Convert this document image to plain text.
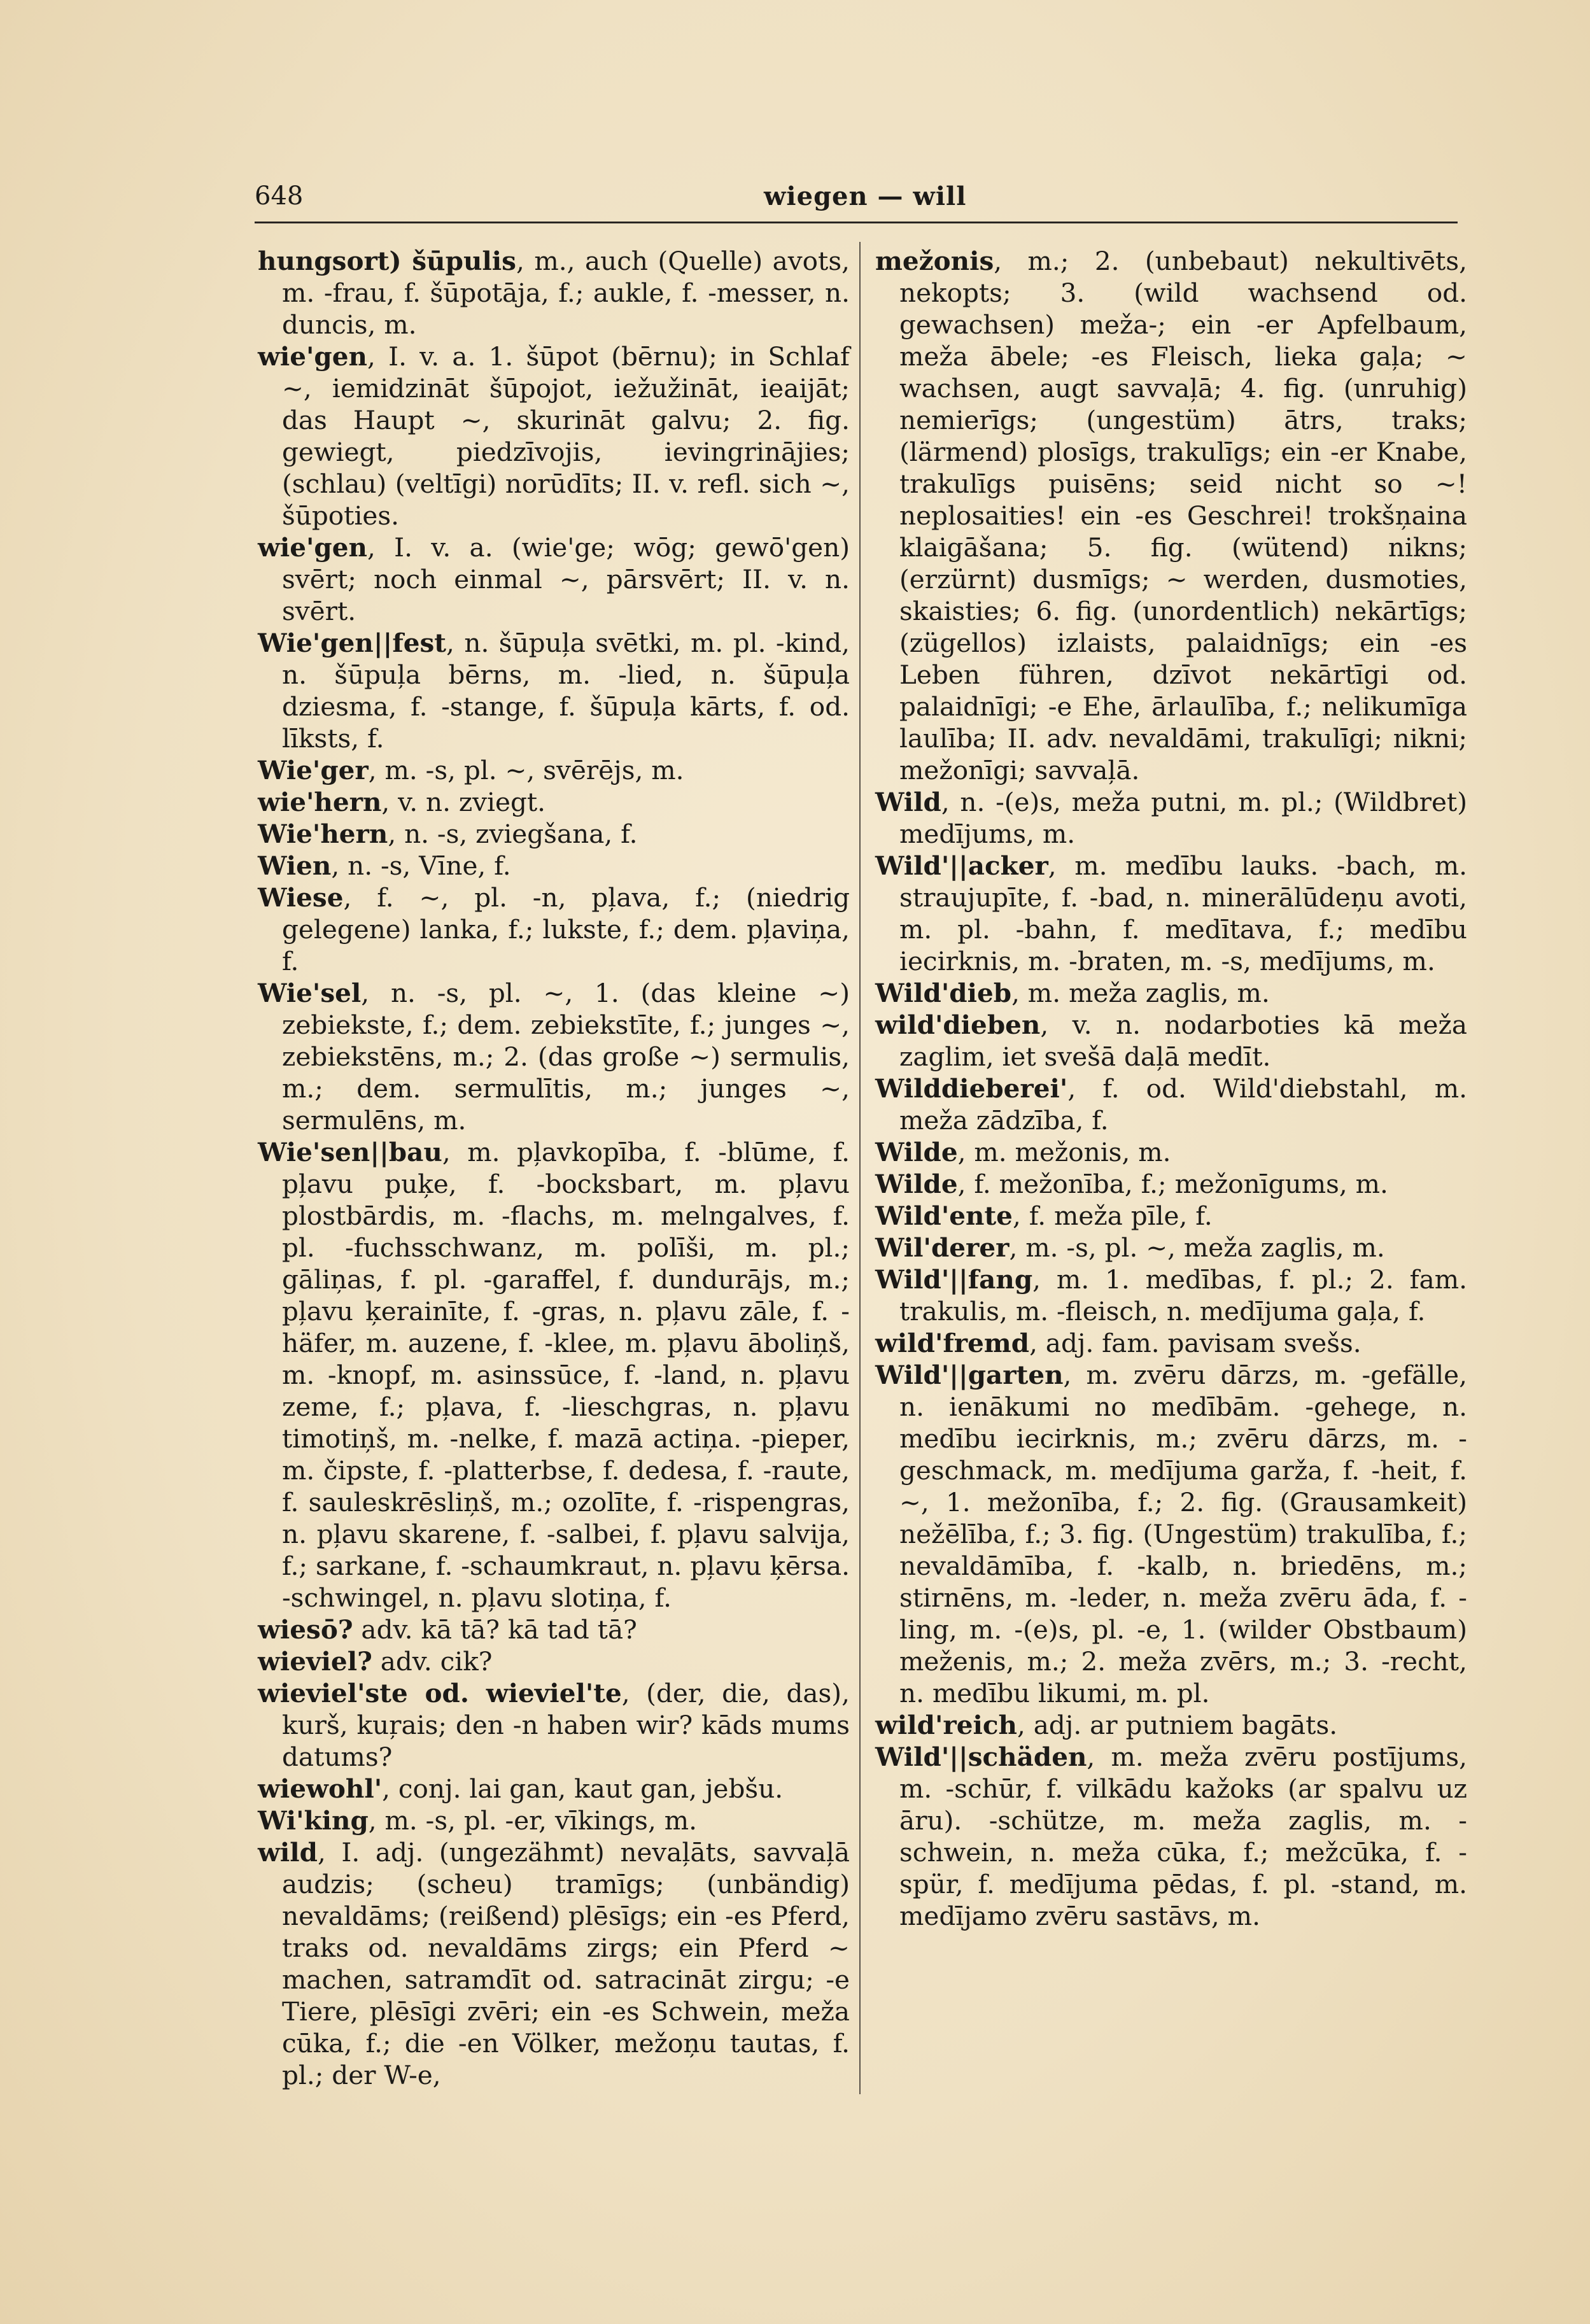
648	wiegen — will

hungsort) šūpulis, m., auch (Quelle) avots, m. -frau, f. šūpotāja, f.; aukle, f. -messer, n. duncis, m.

wie'gen, I. v. a. 1. šūpot (bērnu); in Schlaf ~, iemidzināt šūpojot, iežužināt, ieaijāt; das Haupt ~, skurināt galvu; 2. fig. gewiegt, piedzīvojis, ievingrinājies; (schlau) (veltīgi) norūdīts; II. v. refl. sich ~, šūpoties.

wie'gen, I. v. a. (wie'ge; wōg; gewō'gen) svērt; noch einmal ~, pārsvērt; II. v. n. svērt.

Wie'gen||fest, n. šūpuļa svētki, m. pl. -kind, n. šūpuļa bērns, m. -lied, n. šūpuļa dziesma, f. -stange, f. šūpuļa kārts, f. od. līksts, f.

Wie'ger, m. -s, pl. ~, svērējs, m.

wie'hern, v. n. zviegt.

Wie'hern, n. -s, zviegšana, f.

Wien, n. -s, Vīne, f.

Wiese, f. ~, pl. -n, pļava, f.; (niedrig gelegene) lanka, f.; lukste, f.; dem. pļaviņa, f.

Wie'sel, n. -s, pl. ~, 1. (das kleine ~) zebiekste, f.; dem. zebiekstīte, f.; junges ~, zebiekstēns, m.; 2. (das große ~) sermulis, m.; dem. sermulītis, m.; junges ~, sermulēns, m.

Wie'sen||bau, m. pļavkopība, f. -blūme, f. pļavu puķe, f. -bocksbart, m. pļavu plostbārdis, m. -flachs, m. melngalves, f. pl. -fuchsschwanz, m. polīši, m. pl.; gāliņas, f. pl. -garaffel, f. dundurājs, m.; pļavu ķerainīte, f. -gras, n. pļavu zāle, f. -häfer, m. auzene, f. -klee, m. pļavu āboliņš, m. -knopf, m. asinssūce, f. -land, n. pļavu zeme, f.; pļava, f. -lieschgras, n. pļavu timotiņš, m. -nelke, f. mazā actiņa. -pieper, m. čipste, f. -platterbse, f. dedesa, f. -raute, f. sauleskrēsliņš, m.; ozolīte, f. -rispengras, n. pļavu skarene, f. -salbei, f. pļavu salvija, f.; sarkane, f. -schaumkraut, n. pļavu ķērsa. -schwingel, n. pļavu slotiņa, f.

wiesō? adv. kā tā? kā tad tā?

wieviel? adv. cik?

wieviel'ste od. wieviel'te, (der, die, das), kurš, kuŗais; den -n haben wir? kāds mums datums?

wiewohl', conj. lai gan, kaut gan, jebšu.

Wi'king, m. -s, pl. -er, vīkings, m.

wild, I. adj. (ungezähmt) nevaļāts, savvaļā audzis; (scheu) tramīgs; (unbändig) nevaldāms; (reißend) plēsīgs; ein -es Pferd, traks od. nevaldāms zirgs; ein Pferd ~ machen, satramdīt od. satracināt zirgu; -e Tiere, plēsīgi zvēri; ein -es Schwein, meža cūka, f.; die -en Völker, mežoņu tautas, f. pl.; der W-e,

mežonis, m.; 2. (unbebaut) nekultivēts, nekopts; 3. (wild wachsend od. gewachsen) meža-; ein -er Apfelbaum, meža ābele; -es Fleisch, lieka gaļa; ~ wachsen, augt savvaļā; 4. fig. (unruhig) nemierīgs; (ungestüm) ātrs, traks; (lärmend) plosīgs, trakulīgs; ein -er Knabe, trakulīgs puisēns; seid nicht so ~! neplosaities! ein -es Geschrei! trokšņaina klaigāšana; 5. fig. (wütend) nikns; (erzürnt) dusmīgs; ~ werden, dusmoties, skaisties; 6. fig. (unordentlich) nekārtīgs; (zügellos) izlaists, palaidnīgs; ein -es Leben führen, dzīvot nekārtīgi od. palaidnīgi; -e Ehe, ārlaulība, f.; nelikumīga laulība; II. adv. nevaldāmi, trakulīgi; nikni; mežonīgi; savvaļā.

Wild, n. -(e)s, meža putni, m. pl.; (Wildbret) medījums, m.

Wild'||acker, m. medību lauks. -bach, m. straujupīte, f. -bad, n. minerālūdeņu avoti, m. pl. -bahn, f. medītava, f.; medību iecirknis, m. -braten, m. -s, medījums, m.

Wild'dieb, m. meža zaglis, m.

wild'dieben, v. n. nodarboties kā meža zaglim, iet svešā daļā medīt.

Wilddieberei', f. od. Wild'diebstahl, m. meža zādzība, f.

Wilde, m. mežonis, m.

Wilde, f. mežonība, f.; mežonīgums, m.

Wild'ente, f. meža pīle, f.

Wil'derer, m. -s, pl. ~, meža zaglis, m.

Wild'||fang, m. 1. medības, f. pl.; 2. fam. trakulis, m. -fleisch, n. medījuma gaļa, f.

wild'fremd, adj. fam. pavisam svešs.

Wild'||garten, m. zvēru dārzs, m. -gefälle, n. ienākumi no medībām. -gehege, n. medību iecirknis, m.; zvēru dārzs, m. -geschmack, m. medījuma garža, f. -heit, f. ~, 1. mežonība, f.; 2. fig. (Grausamkeit) nežēlība, f.; 3. fig. (Ungestüm) trakulība, f.; nevaldāmība, f. -kalb, n. briedēns, m.; stirnēns, m. -leder, n. meža zvēru āda, f. -ling, m. -(e)s, pl. -e, 1. (wilder Obstbaum) meženis, m.; 2. meža zvērs, m.; 3. -recht, n. medību likumi, m. pl.

wild'reich, adj. ar putniem bagāts.

Wild'||schäden, m. meža zvēru postījums, m. -schūr, f. vilkādu kažoks (ar spalvu uz āru). -schütze, m. meža zaglis, m. -schwein, n. meža cūka, f.; mežcūka, f. -spür, f. medījuma pēdas, f. pl. -stand, m. medījamo zvēru sastāvs, m.
